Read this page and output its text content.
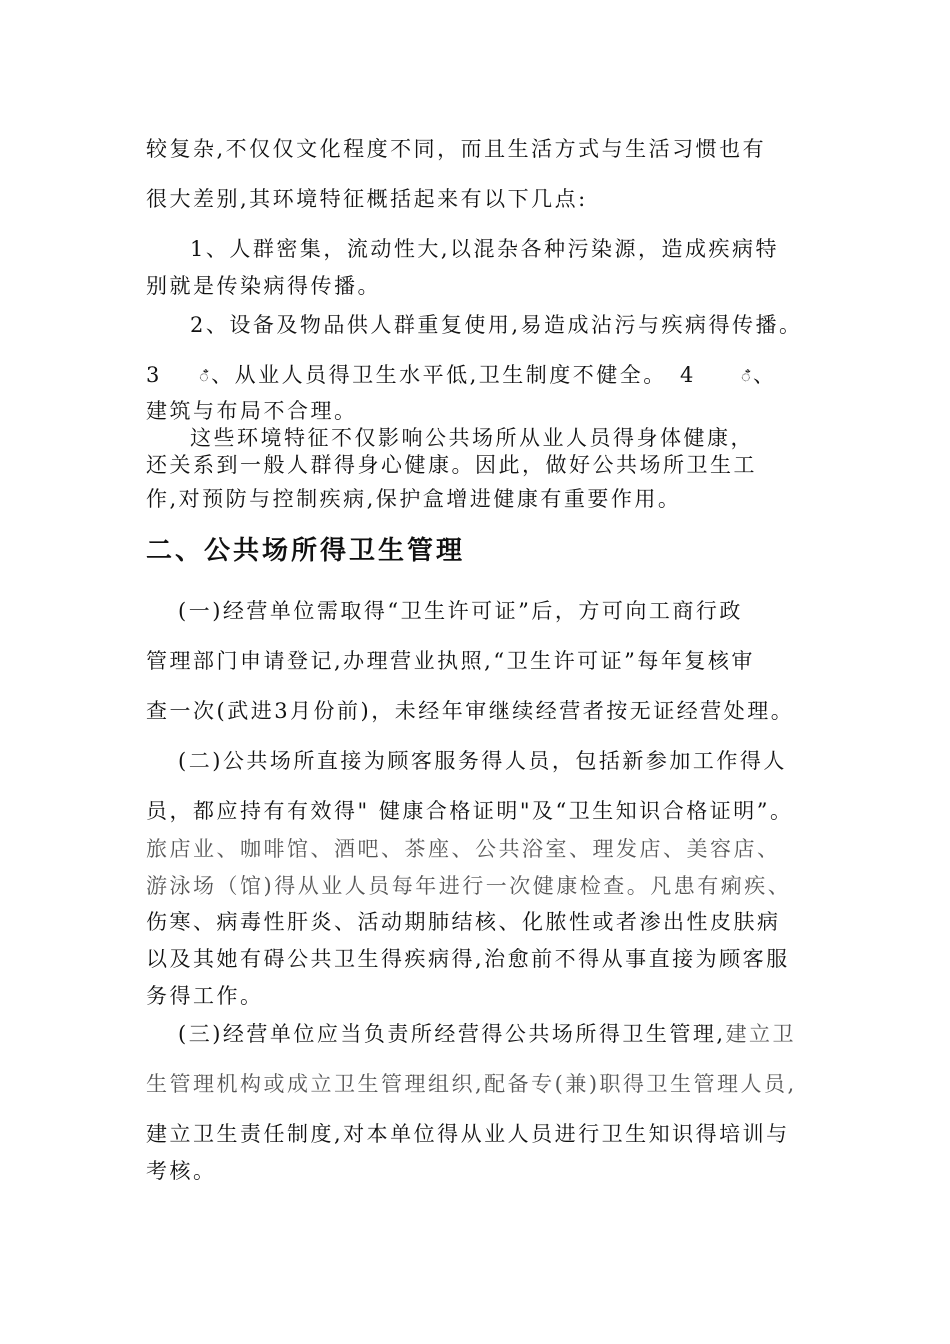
较复杂,不仅仅文化程度不同，而且生活方式与生活习惯也有
很大差别,其环境特征概括起来有以下几点:
1、人群密集，流动性大,以混杂各种污染源，造成疾病特
别就是传染病得传播。
2、设备及物品供人群重复使用,易造成沾污与疾病得传播。
3 ꦀ、从业人员得卫生水平低,卫生制度不健全。 4	ꦀ、
建筑与布局不合理。
这些环境特征不仅影响公共场所从业人员得身体健康，
还关系到一般人群得身心健康。因此，做好公共场所卫生工
作,对预防与控制疾病,保护盒增进健康有重要作用。
二、公共场所得卫生管理
(一)经营单位需取得“卫生许可证”后，方可向工商行政
管理部门申请登记,办理营业执照,“卫生许可证”每年复核审
查一次(武进3月份前)，未经年审继续经营者按无证经营处理。
(二)公共场所直接为顾客服务得人员，包括新参加工作得人
员，都应持有有效得" 健康合格证明"及“卫生知识合格证明”。
旅店业、咖啡馆、酒吧、茶座、公共浴室、理发店、美容店、
游泳场（馆)得从业人员每年进行一次健康检查。凡患有痢疾、
伤寒、病毒性肝炎、活动期肺结核、化脓性或者渗出性皮肤病
以及其她有碍公共卫生得疾病得,治愈前不得从事直接为顾客服
务得工作。
(三)经营单位应当负责所经营得公共场所得卫生管理,建立卫
生管理机构或成立卫生管理组织,配备专(兼)职得卫生管理人员,
建立卫生责任制度,对本单位得从业人员进行卫生知识得培训与
考核。
